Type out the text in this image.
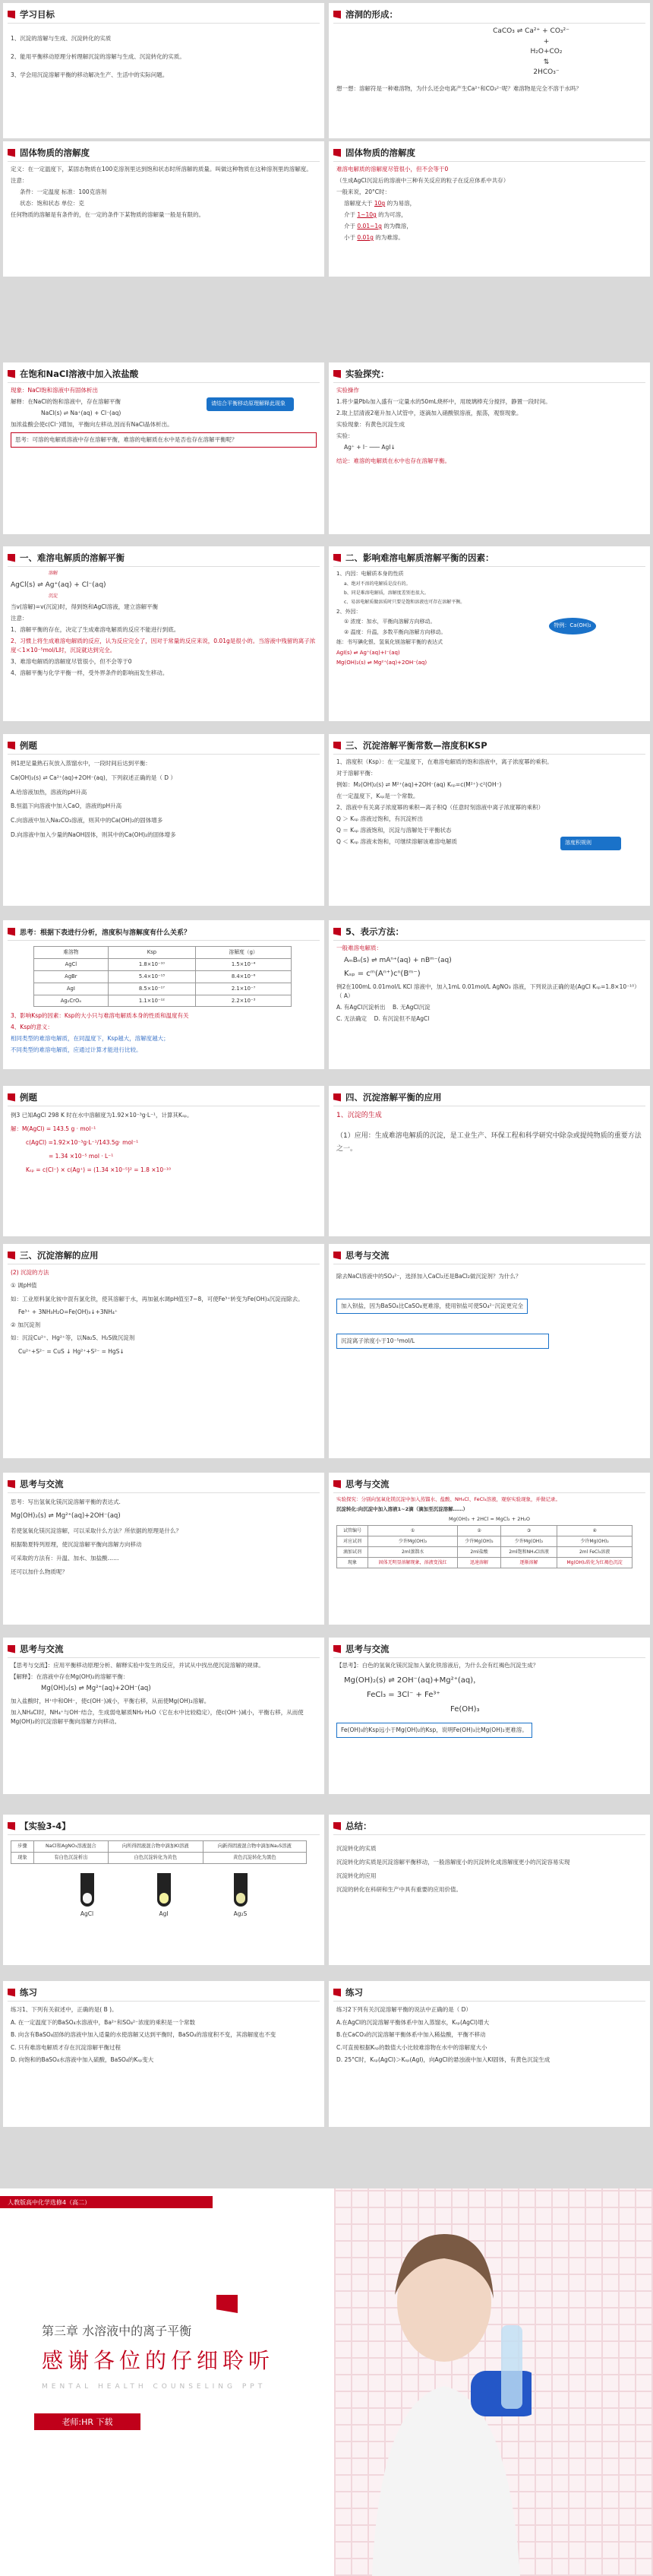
学习目标

1、沉淀的溶解与生成、沉淀转化的实质

2、能用平衡移动原理分析理解沉淀的溶解与生成、沉淀转化的实质。

3、学会用沉淀溶解平衡的移动解决生产、生活中的实际问题。

溶洞的形成：
CaCO₃ ⇌ Ca²⁺ + CO₃²⁻
+
H₂O+CO₂
⇅
2HCO₃⁻

想一想：溶解符是一种难溶物，为什么还会电离产生Ca²⁺和CO₃²⁻呢？难溶物是完全不溶于水吗？

固体物质的溶解度

定义：在一定温度下，某固态物质在100克溶剂里达到饱和状态时所溶解的质量。叫做这种物质在这种溶剂里的溶解度。

注意：

条件：一定温度 标准：100克溶剂

状态：饱和状态 单位：克

任何物质的溶解是有条件的，在一定的条件下某物质的溶解量一般是有限的。

固体物质的溶解度

难溶电解质的溶解度尽管很小，但不会等于0

（生成AgCl沉淀后的溶液中三种有关反应的粒子在反应体系中共存）

一般来说，20°C时：

溶解度大于 10g 的为易溶，

介于 1~10g 的为可溶，

介于 0.01~1g 的为微溶，

小于 0.01g 的为难溶。

在饱和NaCl溶液中加入浓盐酸

现象：NaCl饱和溶液中有固体析出

解释：在NaCl的饱和溶液中，存在溶解平衡

NaCl(s) ⇌ Na⁺(aq) + Cl⁻(aq)

加浓盐酸会使c(Cl⁻)增加，平衡向左移动,因而有NaCl晶体析出。

思考：可溶的电解质溶液中存在溶解平衡，难溶的电解质在水中是否也存在溶解平衡呢？
请结合平衡移动原理解释此现象
实验探究：

实验操作

1.将少量PbI₂加入盛有一定量水的50mL烧杯中，用玻璃棒充分搅拌，静置一段时间。

2.取上层清液2毫升加入试管中，逐滴加入硝酸银溶液，振荡，观察现象。

实验现象：有黄色沉淀生成

实验：

Ag⁺ + I⁻ ─── AgI↓

结论：难溶的电解质在水中也存在溶解平衡。

一、难溶电解质的溶解平衡

溶解

AgCl(s) ⇌ Ag⁺(aq) + Cl⁻(aq)

沉淀

当v(溶解)=v(沉淀)时，得到饱和AgCl溶液，建立溶解平衡

注意：

1、溶解平衡的存在，决定了生成难溶电解质的反应不能进行到底。

2、习惯上将生成难溶电解质的反应，认为反应完全了，因对于常量的反应来说，0.01g是很小的。当溶液中残留的离子浓度＜1×10⁻⁵mol/L时，沉淀就达到完全。

3、难溶电解质的溶解度尽管很小，但不会等于0

4、溶解平衡与化学平衡一样，受外界条件的影响而发生移动。

二、影响难溶电解质溶解平衡的因素：

1、内因：电解质本身的性质

a、绝对不溶的电解质是没有的。

b、同是难溶电解质，溶解度差别也很大。

c、易溶电解质做溶质时只要是饱和溶液也可存在溶解平衡。

2、外因：

① 浓度：加水，平衡向溶解方向移动。

② 温度：升温，多数平衡向溶解方向移动。

练：书写碘化银、氢氧化镁溶解平衡的表达式

AgI(s) ⇌ Ag⁺(aq)+I⁻(aq)

Mg(OH)₂(s) ⇌ Mg²⁺(aq)+2OH⁻(aq)

特例：Ca(OH)₂
例题

例1把足量熟石灰放入蒸馏水中，一段时间后达到平衡：

Ca(OH)₂(s) ⇌ Ca²⁺(aq)+2OH⁻(aq)，下列叙述正确的是（ D ）

A.给溶液加热，溶液的pH升高

B.恒温下向溶液中加入CaO，溶液的pH升高

C.向溶液中加入Na₂CO₃溶液，则其中的Ca(OH)₂的固体增多

D.向溶液中加入少量的NaOH固体，则其中的Ca(OH)₂的固体增多

三、沉淀溶解平衡常数—溶度积KSP

1、溶度积（Ksp）：在一定温度下，在难溶电解质的饱和溶液中，离子浓度幂的乘积。

对于溶解平衡：

例如：M₂(OH)₂(s) ⇌ M²⁺(aq)+2OH⁻(aq) Kₛₚ=c(M²⁺)·c²(OH⁻)

在一定温度下，Kₛₚ是一个常数。

2、溶液中有关离子浓度幂的乘积—离子积Q（任意时刻溶液中离子浓度幂的乘积）

Q ＞ Kₛₚ 溶液过饱和，有沉淀析出

Q ＝ Kₛₚ 溶液饱和，沉淀与溶解处于平衡状态

Q ＜ Kₛₚ 溶液未饱和，可继续溶解该难溶电解质	溶度积规则
思考：根据下表进行分析，溶度积与溶解度有什么关系？
难溶物	Ksp	溶解度（g）
AgCl	1.8×10⁻¹⁰	1.5×10⁻⁴
AgBr	5.4×10⁻¹³	8.4×10⁻⁶
AgI	8.5×10⁻¹⁷	2.1×10⁻⁷
Ag₂CrO₄	1.1×10⁻¹²	2.2×10⁻³

3、影响Ksp的因素：Ksp的大小只与难溶电解质本身的性质和温度有关

4、Ksp的意义：

相同类型的难溶电解质，在同温度下，Ksp越大，溶解度越大；

不同类型的难溶电解质，应通过计算才能进行比较。

5、表示方法：

一般难溶电解质：

AₘBₙ(s) ⇌ mAⁿ⁺(aq) + nBᵐ⁻(aq)

Kₛₚ = cᵐ(Aⁿ⁺)cⁿ(Bᵐ⁻)

例2在100mL 0.01mol/L KCl 溶液中，加入1mL 0.01mol/L AgNO₃ 溶液，下列说法正确的是(AgCl Kₛₚ=1.8×10⁻¹⁰）（ A）

A. 有AgCl沉淀析出 B. 无AgCl沉淀

C. 无法确定 D. 有沉淀但不是AgCl

例题

例3 已知AgCl 298 K 时在水中溶解度为1.92×10⁻³g·L⁻¹，计算其Kₛₚ。

解：M(AgCl) = 143.5 g · mol⁻¹

c(AgCl) =1.92×10⁻³g·L⁻¹/143.5g· mol⁻¹

= 1.34 ×10⁻⁵ mol · L⁻¹

Kₛₚ = c(Cl⁻) × c(Ag⁺) = (1.34 ×10⁻⁵)² = 1.8 ×10⁻¹⁰

四、沉淀溶解平衡的应用

1、沉淀的生成

（1）应用：生成难溶电解质的沉淀，是工业生产、环保工程和科学研究中除杂或提纯物质的重要方法之一。

三、沉淀溶解的应用

(2) 沉淀的方法

① 调pH值

如：工业原料氯化铵中混有氯化铁，使其溶解于水，再加氨水调pH值至7~8，可使Fe³⁺转变为Fe(OH)₃沉淀而除去。

Fe³⁺ + 3NH₃H₂O=Fe(OH)₃↓+3NH₄⁺

② 加沉淀剂

如：沉淀Cu²⁺、Hg²⁺等，以Na₂S、H₂S做沉淀剂

Cu²⁺+S²⁻ = CuS ↓ Hg²⁺+S²⁻ = HgS↓

思考与交流

除去NaCl溶液中的SO₄²⁻，选择加入CaCl₂还是BaCl₂做沉淀剂？为什么？

加入钡盐，因为BaSO₄比CaSO₄更难溶，使用钡盐可使SO₄²⁻沉淀更完全
沉淀离子浓度小于10⁻⁵mol/L
思考与交流

思考：写出氢氧化镁沉淀溶解平衡的表达式.

Mg(OH)₂(s) ⇌ Mg²⁺(aq)+2OH⁻(aq)

若使氢氧化镁沉淀溶解，可以采取什么方法？所依据的原理是什么？

根据勒夏特列原理，使沉淀溶解平衡向溶解方向移动

可采取的方法有：升温、加水、加盐酸……

还可以加什么物质呢？

思考与交流

实验探究：分别向氢氧化镁沉淀中加入蒸馏水、盐酸、NH₄Cl、FeCl₃溶液，观察实验现象，并做记录。

沉淀转化:向沉淀中加入溶液1~2滴（滴加至沉淀溶解……）

Mg(OH)₂ + 2HCl = MgCl₂ + 2H₂O

试管编号	①	②	③	④
对应试剂	少许Mg(OH)₂	少许Mg(OH)₂	少许Mg(OH)₂	少许Mg(OH)₂
滴加试剂	2ml蒸馏水	2ml盐酸	2ml饱和NH₄Cl溶液	2ml FeCl₃溶液
现象	固体无明显溶解现象，溶液变浅红	迅速溶解	逐渐溶解	Mg(OH)₂转化为红褐色沉淀
思考与交流

【思考与交流】：应用平衡移动原理分析、解释实验中发生的反应，并试从中找出使沉淀溶解的规律。

【解释】：在溶液中存在Mg(OH)₂的溶解平衡：

Mg(OH)₂(s) ⇌ Mg²⁺(aq)+2OH⁻(aq)

加入盐酸时，H⁺中和OH⁻，使c(OH⁻)减小，平衡右移，从而使Mg(OH)₂溶解。

加入NH₄Cl时，NH₄⁺与OH⁻结合，生成弱电解质NH₃·H₂O（它在水中比较稳定），使c(OH⁻)减小，平衡右移，从而使Mg(OH)₂的沉淀溶解平衡向溶解方向移动。

思考与交流

【思考】：白色的氢氧化镁沉淀加入氯化铁溶液后，为什么会有红褐色沉淀生成？

Mg(OH)₂(s) ⇌ 2OH⁻(aq)+Mg²⁺(aq)，

FeCl₃ = 3Cl⁻ + Fe³⁺

Fe(OH)₃

Fe(OH)₃的Ksp远小于Mg(OH)₂的Ksp，说明Fe(OH)₃比Mg(OH)₂更难溶。
【实验3-4】
步骤	NaCl和AgNO₃溶液混合	向所得固液混合物中滴加KI溶液	向新得固液混合物中滴加Na₂S溶液
现象	有白色沉淀析出	白色沉淀转化为黄色	黄色沉淀转化为黑色

AgCl	AgI	Ag₂S

总结：

沉淀转化的实质

沉淀转化的实质是沉淀溶解平衡移动，一般溶解度小的沉淀转化成溶解度更小的沉淀容易实现

沉淀转化的应用

沉淀的转化在科研和生产中具有重要的应用价值。

练习

练习1、下列有关叙述中，正确的是( B )。

A. 在一定温度下的BaSO₄水溶液中，Ba²⁺和SO₄²⁻浓度的乘积是一个常数

B. 向含有BaSO₄固体的溶液中加入适量的水使溶解又达到平衡时，BaSO₄的溶度积不变，其溶解度也不变

C. 只有难溶电解质才存在沉淀溶解平衡过程

D. 向饱和的BaSO₄水溶液中加入硫酸，BaSO₄的Kₛₚ变大

练习

练习2下列有关沉淀溶解平衡的说法中正确的是（ D）

A.在AgCl的沉淀溶解平衡体系中加入蒸馏水，Kₛₚ(AgCl)增大

B.在CaCO₃的沉淀溶解平衡体系中加入稀盐酸，平衡不移动

C.可直接根据Kₛₚ的数值大小比较难溶物在水中的溶解度大小

D. 25°C时，Kₛₚ(AgCl)＞Kₛₚ(AgI)，向AgCl的悬浊液中加入KI固体，有黄色沉淀生成

人教版高中化学选修4（高二）
第三章 水溶液中的离子平衡
感谢各位的仔细聆听
MENTAL HEALTH COUNSELING PPT
老师:HR 下载
